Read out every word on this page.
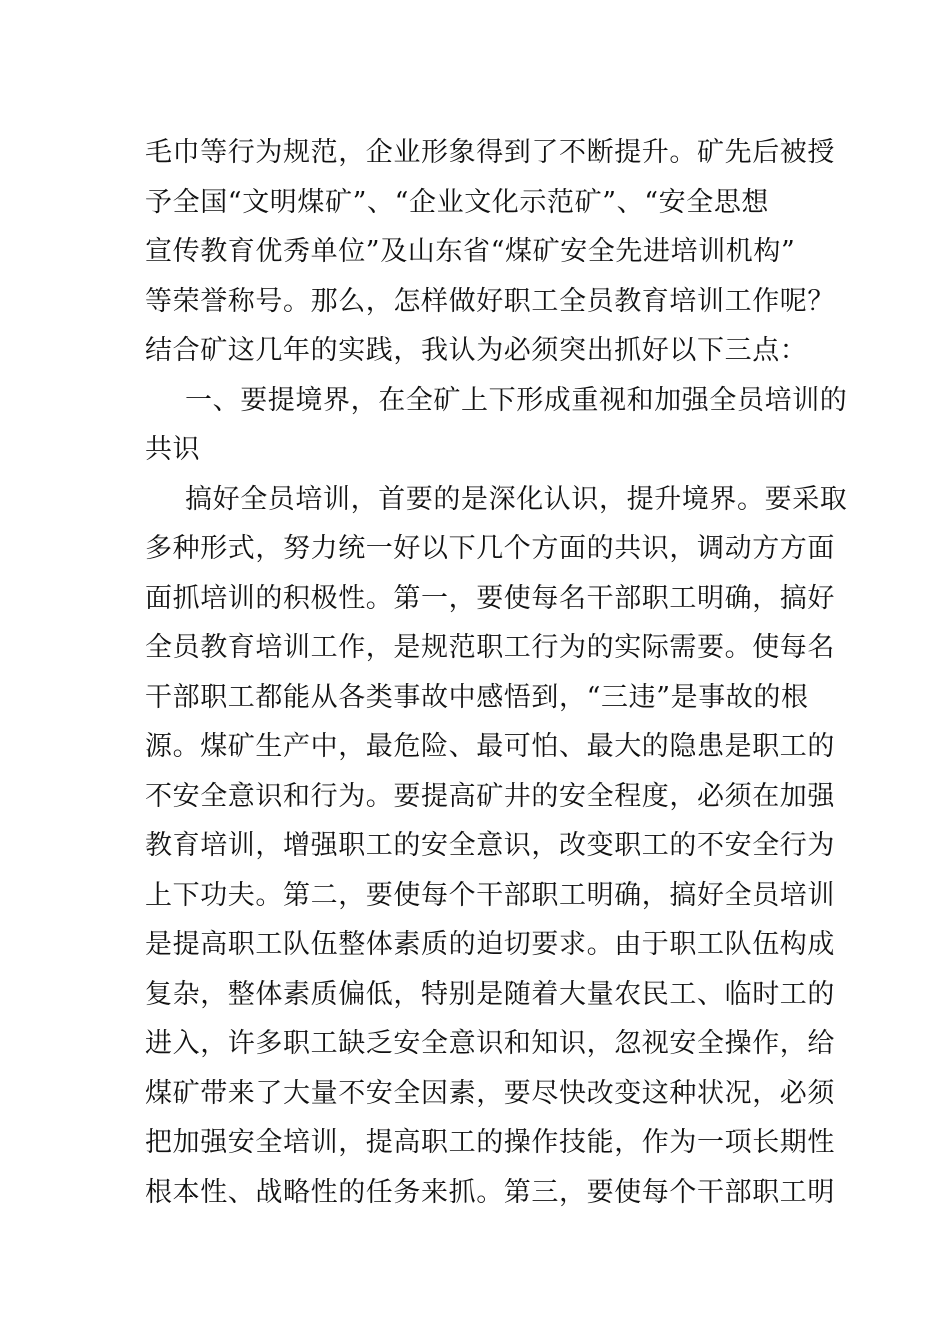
毛巾等行为规范，企业形象得到了不断提升。矿先后被授
予全国“文明煤矿”、“企业文化示范矿”、“安全思想
宣传教育优秀单位”及山东省“煤矿安全先进培训机构”
等荣誉称号。那么，怎样做好职工全员教育培训工作呢？
结合矿这几年的实践，我认为必须突出抓好以下三点：
一、要提境界，在全矿上下形成重视和加强全员培训的
共识
搞好全员培训，首要的是深化认识，提升境界。要采取
多种形式，努力统一好以下几个方面的共识，调动方方面
面抓培训的积极性。第一，要使每名干部职工明确，搞好
全员教育培训工作，是规范职工行为的实际需要。使每名
干部职工都能从各类事故中感悟到，“三违”是事故的根
源。煤矿生产中，最危险、最可怕、最大的隐患是职工的
不安全意识和行为。要提高矿井的安全程度，必须在加强
教育培训，增强职工的安全意识，改变职工的不安全行为
上下功夫。第二，要使每个干部职工明确，搞好全员培训
是提高职工队伍整体素质的迫切要求。由于职工队伍构成
复杂，整体素质偏低，特别是随着大量农民工、临时工的
进入，许多职工缺乏安全意识和知识，忽视安全操作，给
煤矿带来了大量不安全因素，要尽快改变这种状况，必须
把加强安全培训，提高职工的操作技能，作为一项长期性
根本性、战略性的任务来抓。第三，要使每个干部职工明
